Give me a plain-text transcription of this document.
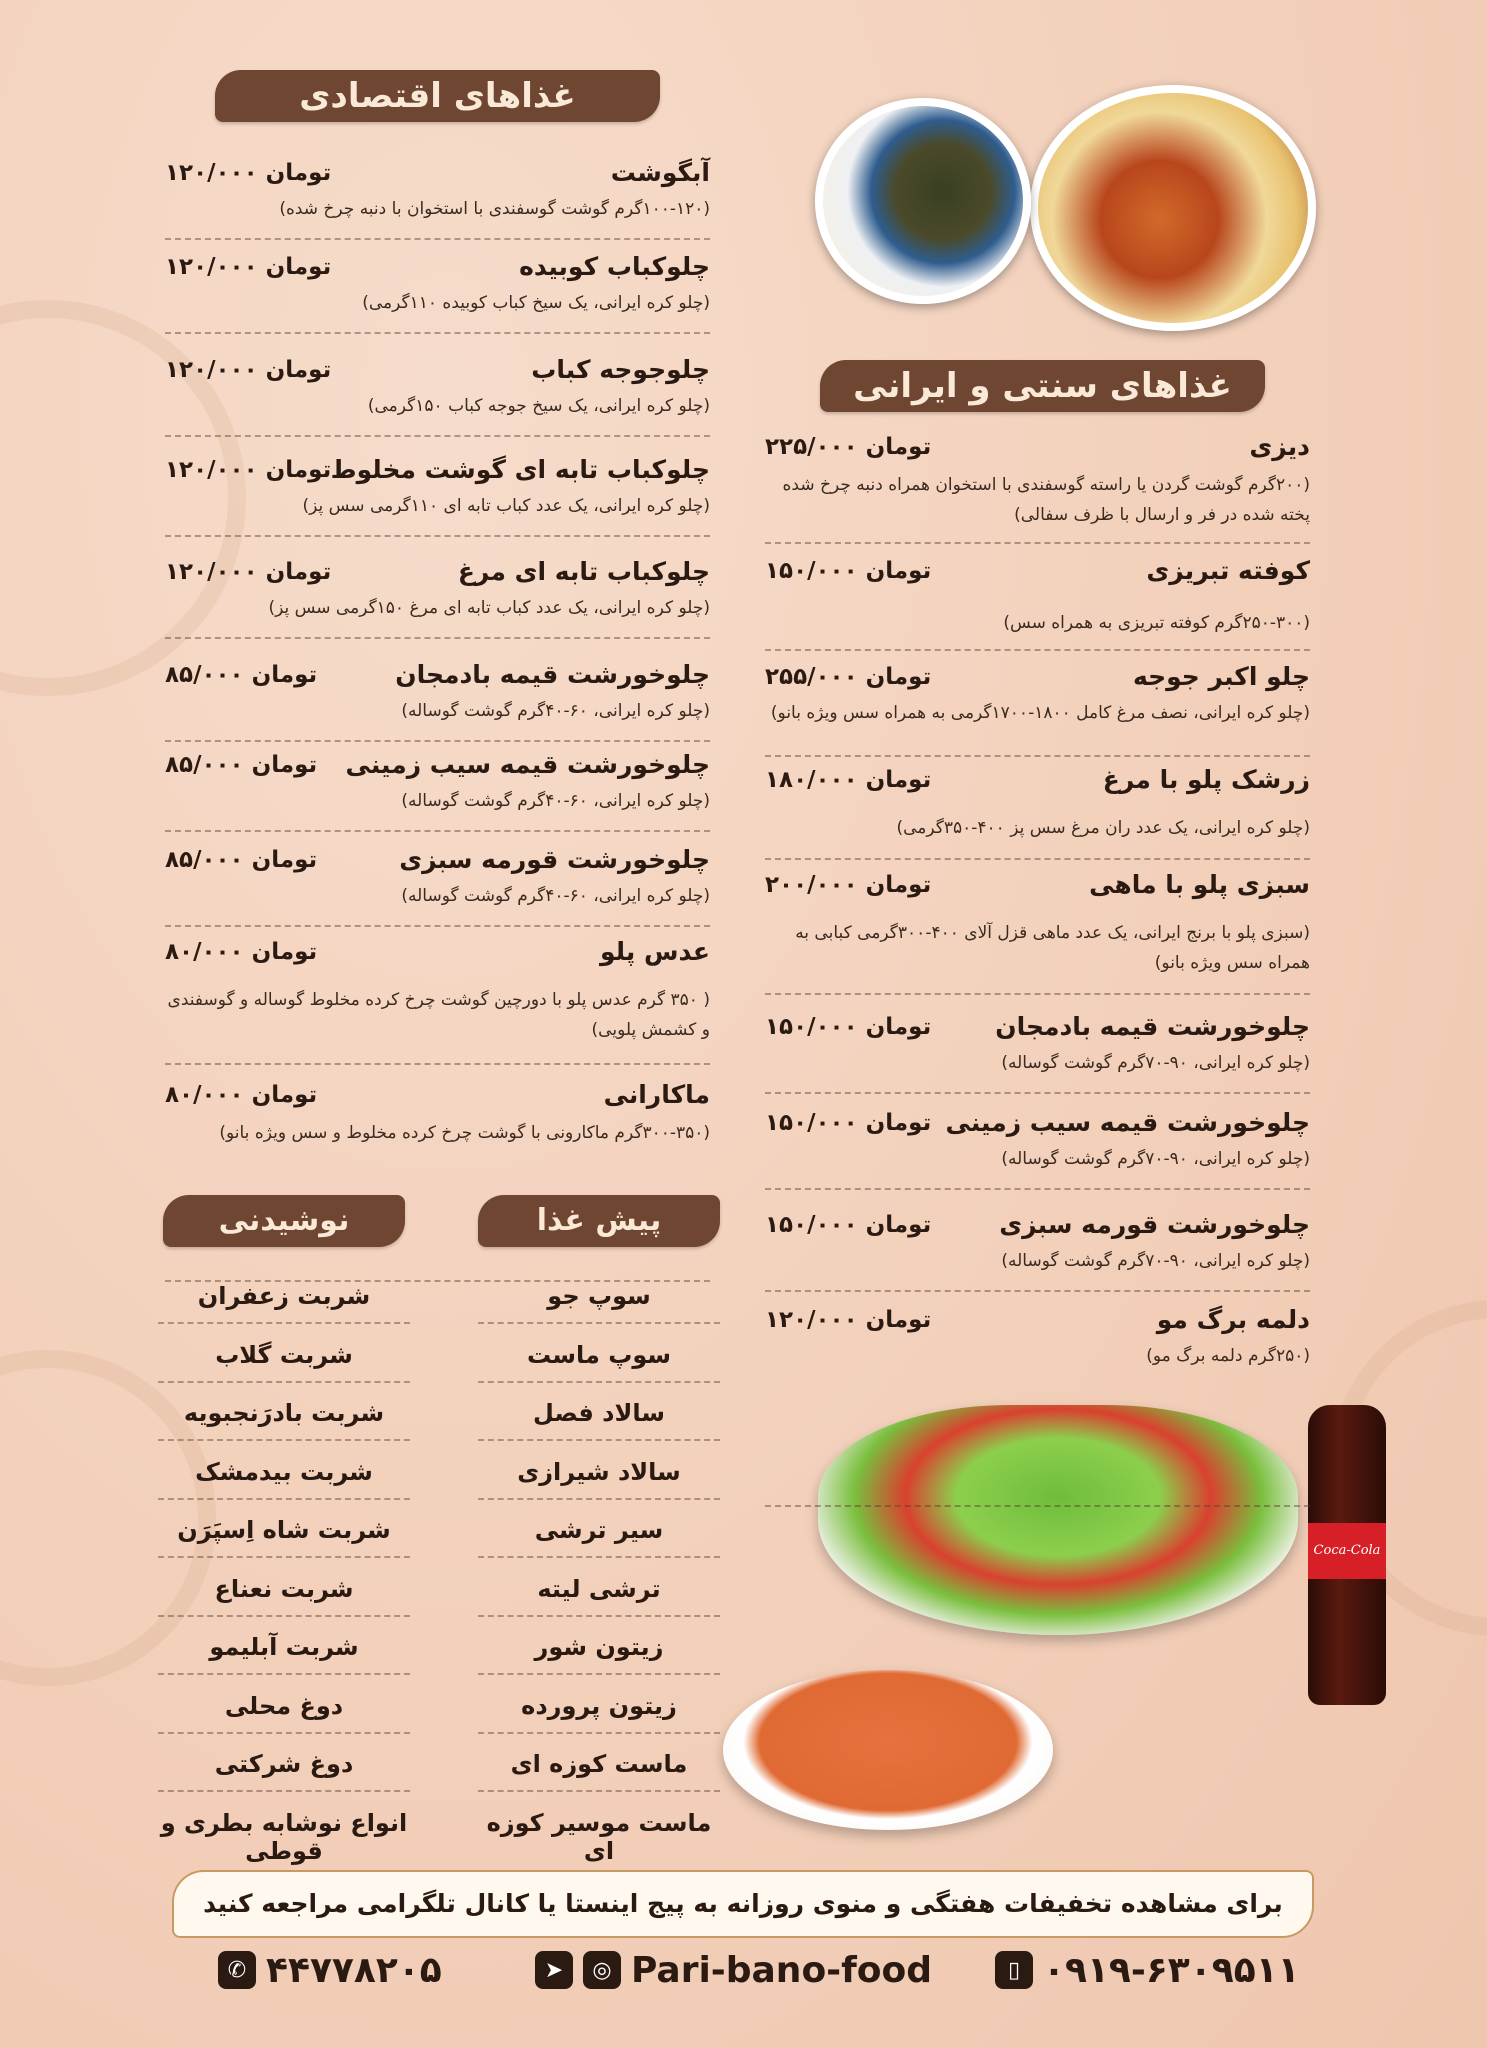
غذاهای اقتصادی
غذاهای سنتی و ایرانی
پیش غذا
نوشیدنی
Coca-Cola
آبگوشت
۱۲۰/۰۰۰ تومان
(۱۰۰-۱۲۰گرم گوشت گوسفندی با استخوان با دنبه چرخ شده)
چلوکباب کوبیده
۱۲۰/۰۰۰ تومان
(چلو کره ایرانی، یک سیخ کباب کوبیده ۱۱۰گرمی)
چلوجوجه کباب
۱۲۰/۰۰۰ تومان
(چلو کره ایرانی، یک سیخ جوجه کباب ۱۵۰گرمی)
چلوکباب تابه ای گوشت مخلوط
۱۲۰/۰۰۰ تومان
(چلو کره ایرانی، یک عدد کباب تابه ای ۱۱۰گرمی سس پز)
چلوکباب تابه ای مرغ
۱۲۰/۰۰۰ تومان
(چلو کره ایرانی، یک عدد کباب تابه ای مرغ ۱۵۰گرمی سس پز)
چلوخورشت قیمه بادمجان
۸۵/۰۰۰ تومان
(چلو کره ایرانی، ۶۰-۴۰گرم گوشت گوساله)
چلوخورشت قیمه سیب زمینی
۸۵/۰۰۰ تومان
(چلو کره ایرانی، ۶۰-۴۰گرم گوشت گوساله)
چلوخورشت قورمه سبزی
۸۵/۰۰۰ تومان
(چلو کره ایرانی، ۶۰-۴۰گرم گوشت گوساله)
عدس پلو
۸۰/۰۰۰ تومان
( ۳۵۰ گرم عدس پلو با دورچین گوشت چرخ کرده مخلوط گوساله و گوسفندی و کشمش پلویی)
ماکارانی
۸۰/۰۰۰ تومان
(۳۰۰-۳۵۰گرم ماکارونی با گوشت چرخ کرده مخلوط و سس ویژه بانو)
دیزی
۲۲۵/۰۰۰ تومان
(۲۰۰گرم گوشت گردن یا راسته گوسفندی با استخوان همراه دنبه چرخ شده پخته شده در فر و ارسال با ظرف سفالی)
کوفته تبریزی
۱۵۰/۰۰۰ تومان
(۲۵۰-۳۰۰گرم کوفته تبریزی به همراه سس)
چلو اکبر جوجه
۲۵۵/۰۰۰ تومان
(چلو کره ایرانی، نصف مرغ کامل ۱۸۰۰-۱۷۰۰گرمی به همراه سس ویژه بانو)
زرشک پلو با مرغ
۱۸۰/۰۰۰ تومان
(چلو کره ایرانی، یک عدد ران مرغ سس پز ۴۰۰-۳۵۰گرمی)
سبزی پلو با ماهی
۲۰۰/۰۰۰ تومان
(سبزی پلو با برنج ایرانی، یک عدد ماهی قزل آلای ۴۰۰-۳۰۰گرمی کبابی به همراه سس ویژه بانو)
چلوخورشت قیمه بادمجان
۱۵۰/۰۰۰ تومان
(چلو کره ایرانی، ۹۰-۷۰گرم گوشت گوساله)
چلوخورشت قیمه سیب زمینی
۱۵۰/۰۰۰ تومان
(چلو کره ایرانی، ۹۰-۷۰گرم گوشت گوساله)
چلوخورشت قورمه سبزی
۱۵۰/۰۰۰ تومان
(چلو کره ایرانی، ۹۰-۷۰گرم گوشت گوساله)
دلمه برگ مو
۱۲۰/۰۰۰ تومان
(۲۵۰گرم دلمه برگ مو)
سوپ جو
سوپ ماست
سالاد فصل
سالاد شیرازی
سیر ترشی
ترشی لیته
زیتون شور
زیتون پرورده
ماست کوزه ای
ماست موسیر کوزه ای
شربت زعفران
شربت گلاب
شربت بادرَنجبویه
شربت بیدمشک
شربت شاه اِسپَرَن
شربت نعناع
شربت آبلیمو
دوغ محلی
دوغ شرکتی
انواع نوشابه بطری و قوطی
برای مشاهده تخفیفات هفتگی و منوی روزانه به پیج اینستا یا کانال تلگرامی مراجعه کنید
✆ ۴۴۷۷۸۲۰۵	➤	◎ Pari-bano-food	▯ ۰۹۱۹-۶۳۰۹۵۱۱
